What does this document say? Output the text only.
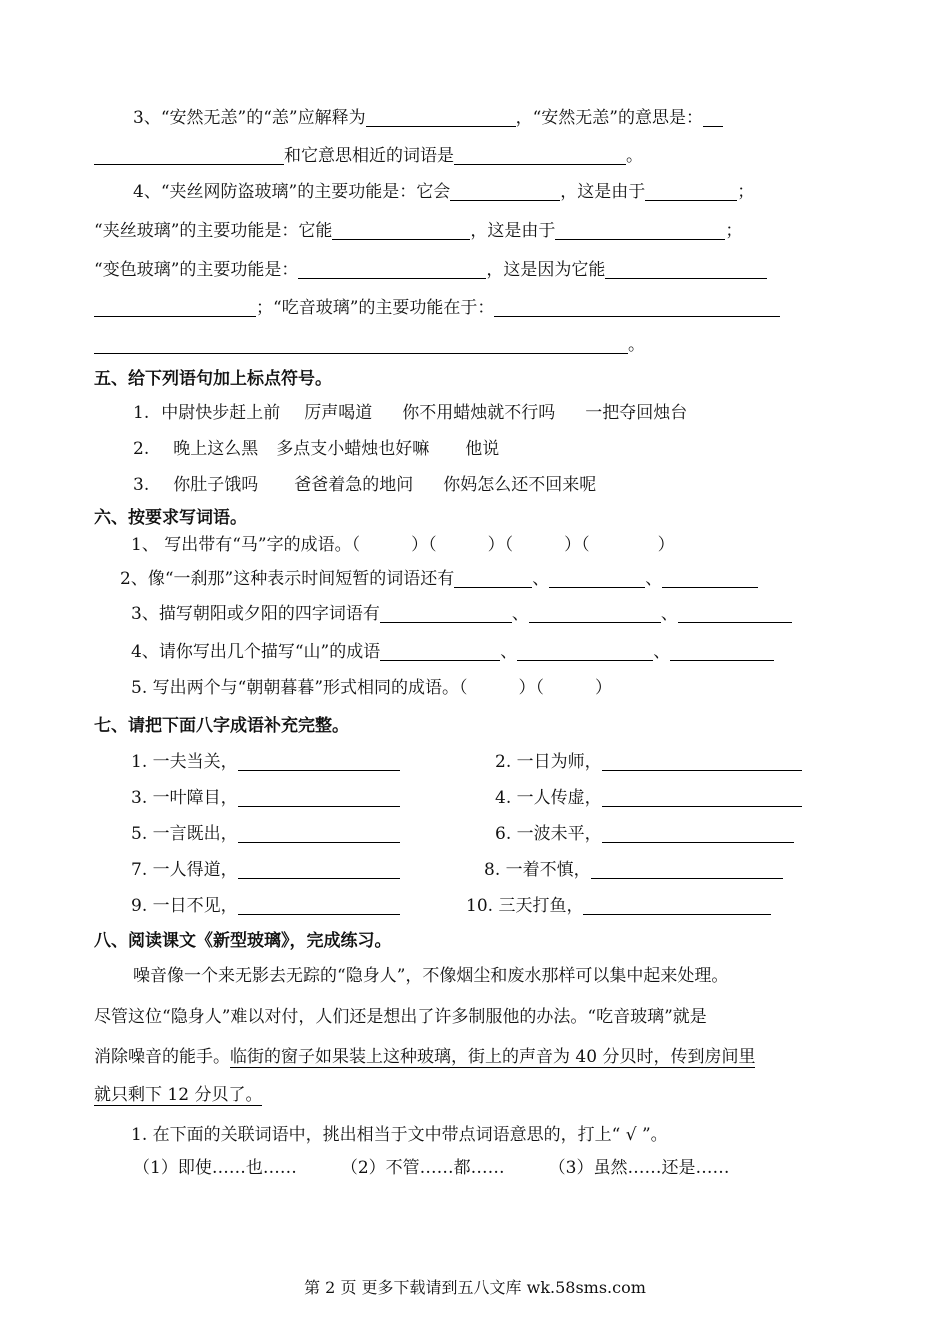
3、“安然无恙”的“恙”应解释为	，“安然无恙”的意思是：
和它意思相近的词语是	。
4、“夹丝网防盗玻璃”的主要功能是：它会	，这是由于	；
“夹丝玻璃”的主要功能是：它能	，这是由于	；
“变色玻璃”的主要功能是：	，这是因为它能
；“吃音玻璃”的主要功能在于：
。
五、给下列语句加上标点符号。
1. 中尉快步赶上前 厉声喝道 你不用蜡烛就不行吗 一把夺回烛台
2. 晚上这么黑 多点支小蜡烛也好嘛 他说
3. 你肚子饿吗 爸爸着急的地问 你妈怎么还不回来呢
六、按要求写词语。
1、 写出带有“马”字的成语。（　　　）（　　　）（　　　）（　　　　）
2、像“一刹那”这种表示时间短暂的词语还有	、	、
3、描写朝阳或夕阳的四字词语有	、	、
4、请你写出几个描写“山”的成语	、	、
5. 写出两个与“朝朝暮暮”形式相同的成语。（　　　）（　　　）
七、请把下面八字成语补充完整。
1. 一夫当关，	2. 一日为师，
3. 一叶障目，	4. 一人传虚，
5. 一言既出，	6. 一波未平，
7. 一人得道，	8. 一着不慎，
9. 一日不见，	10. 三天打鱼，
八、阅读课文《新型玻璃》，完成练习。
噪音像一个来无影去无踪的“隐身人”，不像烟尘和废水那样可以集中起来处理。
尽管这位“隐身人”难以对付，人们还是想出了许多制服他的办法。“吃音玻璃”就是
消除噪音的能手。临街的窗子如果装上这种玻璃，街上的声音为 40 分贝时，传到房间里
就只剩下 12 分贝了。
1. 在下面的关联词语中，挑出相当于文中带点词语意思的，打上“ √ ”。
（1）即使……也……	（2）不管……都……	（3）虽然……还是……
第 2 页 更多下载请到五八文库 wk.58sms.com
